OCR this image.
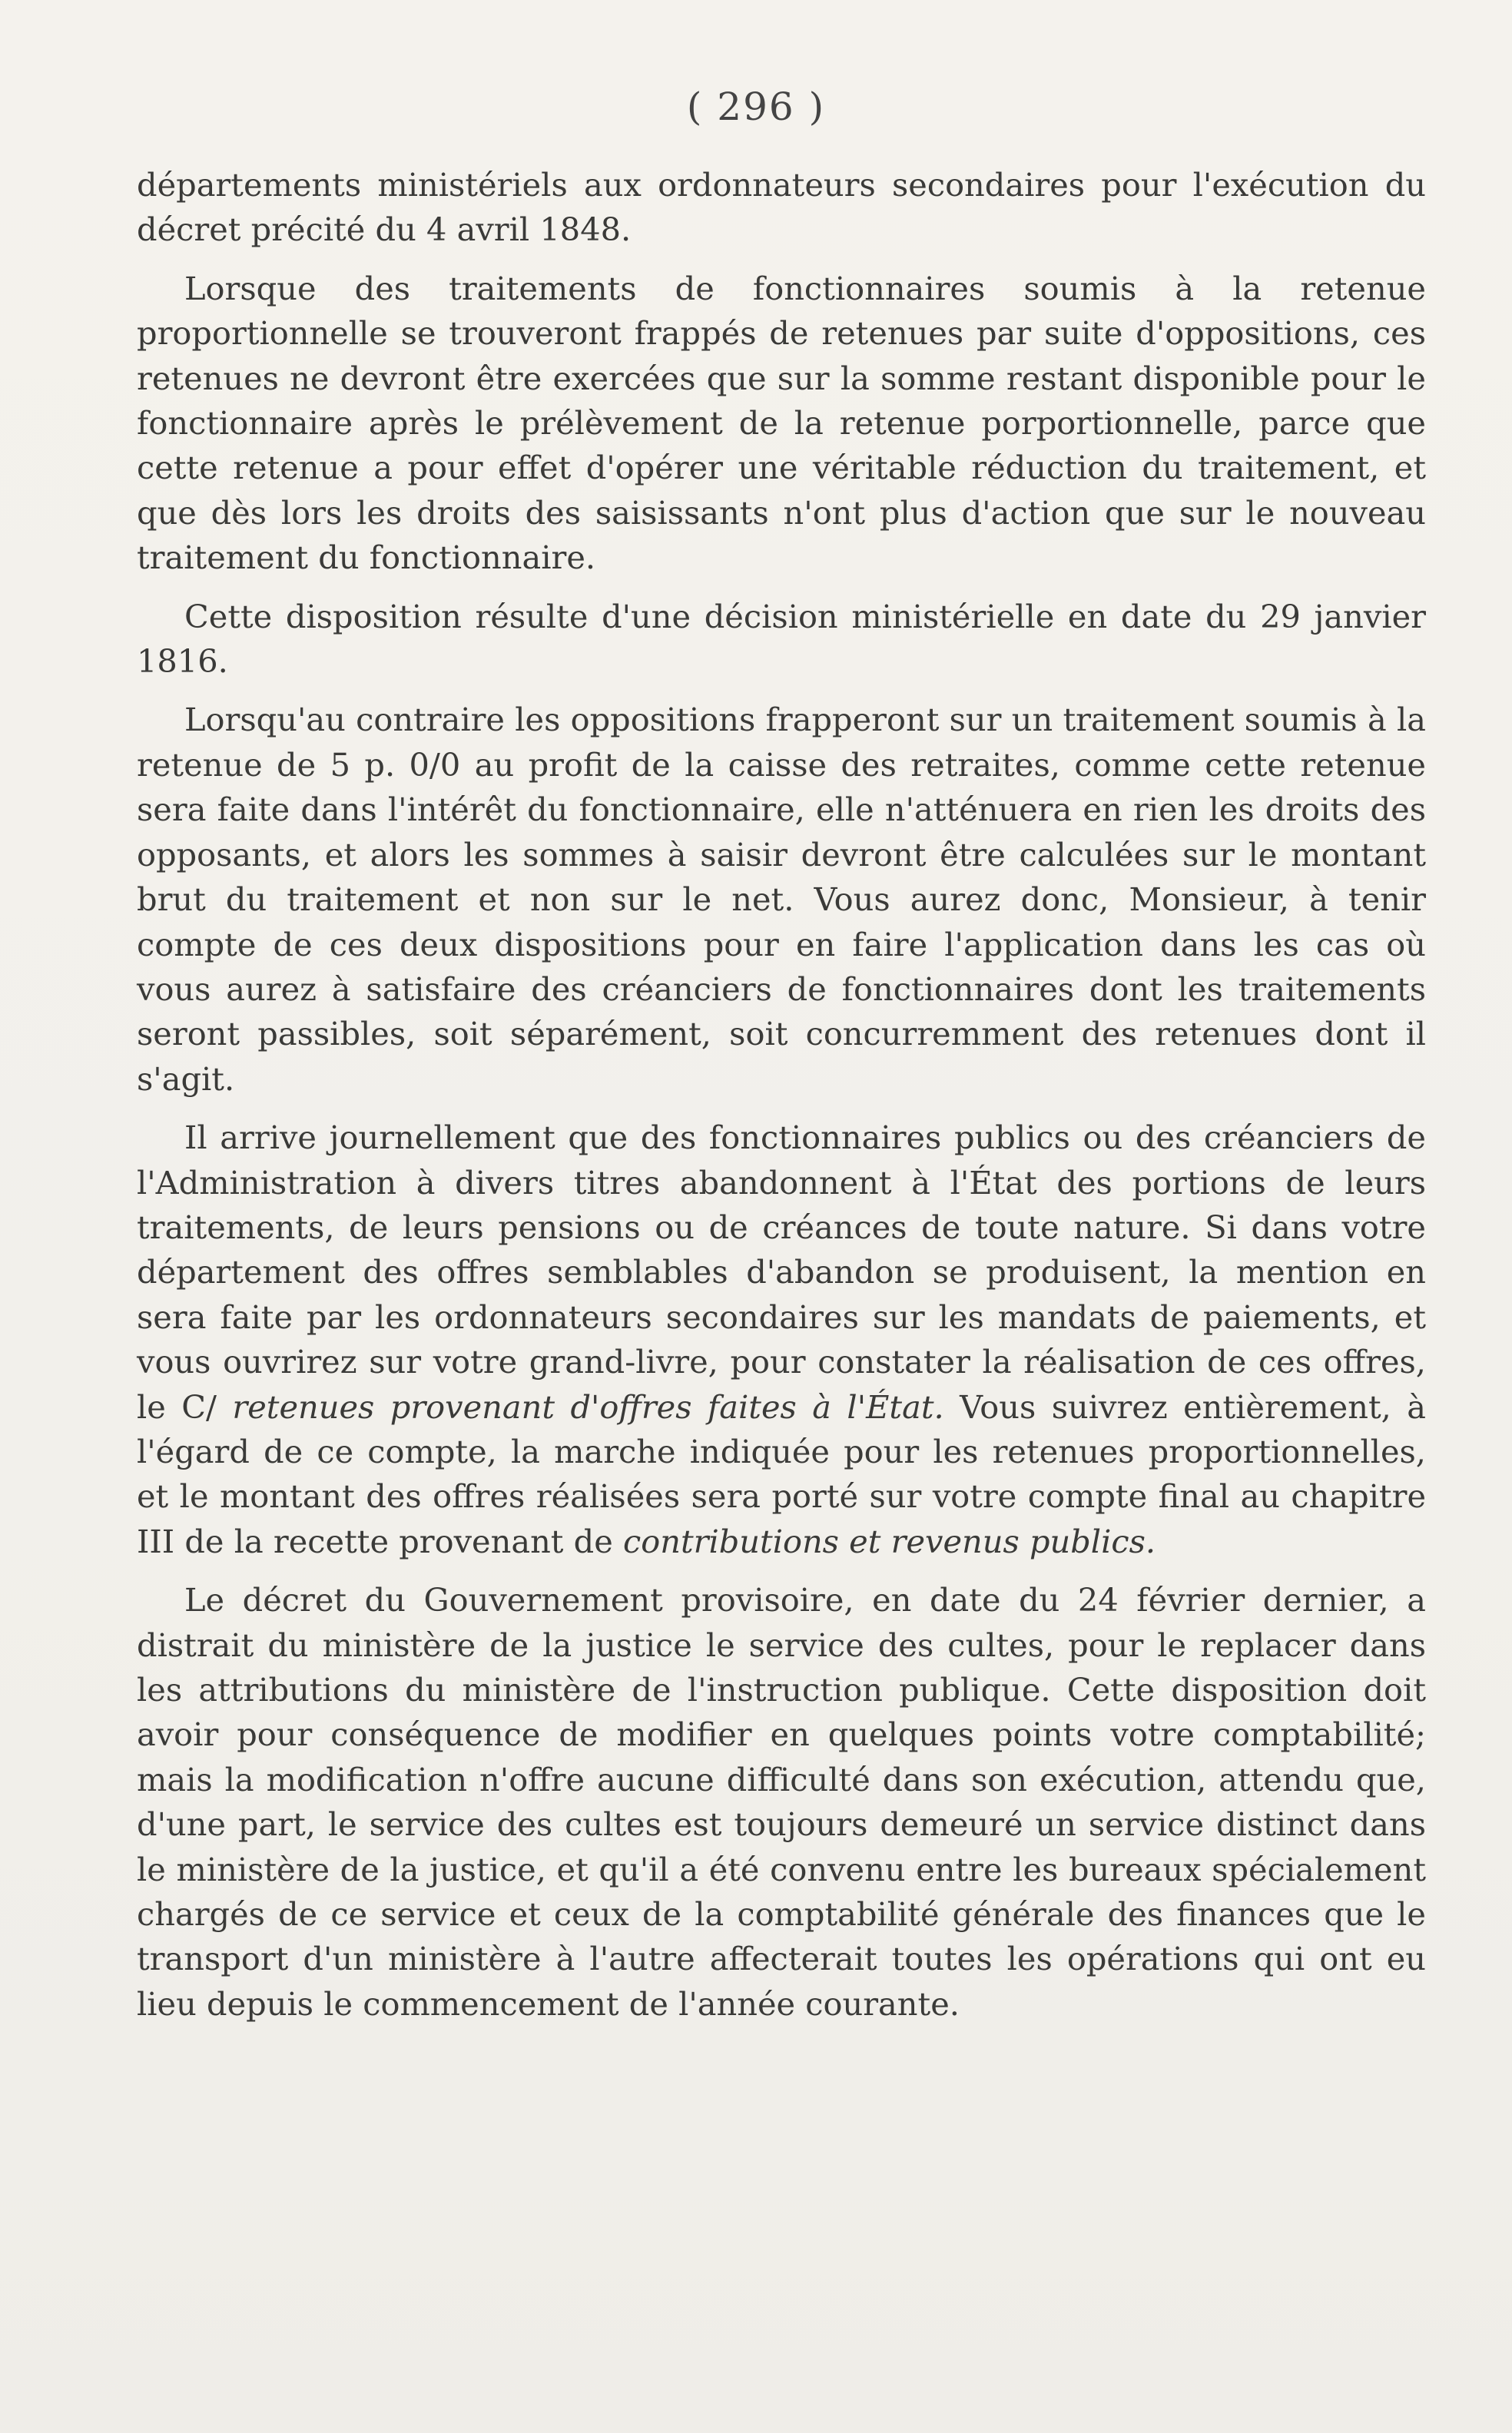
( 296 )

départements ministériels aux ordonnateurs secondaires pour l'exécution du décret précité du 4 avril 1848.

Lorsque des traitements de fonctionnaires soumis à la retenue proportionnelle se trouveront frappés de retenues par suite d'oppositions, ces retenues ne devront être exercées que sur la somme restant disponible pour le fonctionnaire après le prélèvement de la retenue porportionnelle, parce que cette retenue a pour effet d'opérer une véritable réduction du traitement, et que dès lors les droits des saisissants n'ont plus d'action que sur le nouveau traitement du fonctionnaire.

Cette disposition résulte d'une décision ministérielle en date du 29 janvier 1816.

Lorsqu'au contraire les oppositions frapperont sur un traitement soumis à la retenue de 5 p. 0/0 au profit de la caisse des retraites, comme cette retenue sera faite dans l'intérêt du fonctionnaire, elle n'atténuera en rien les droits des opposants, et alors les sommes à saisir devront être calculées sur le montant brut du traitement et non sur le net. Vous aurez donc, Monsieur, à tenir compte de ces deux dispositions pour en faire l'application dans les cas où vous aurez à satisfaire des créanciers de fonctionnaires dont les traitements seront passibles, soit séparément, soit concurremment des retenues dont il s'agit.

Il arrive journellement que des fonctionnaires publics ou des créanciers de l'Administration à divers titres abandonnent à l'État des portions de leurs traitements, de leurs pensions ou de créances de toute nature. Si dans votre département des offres semblables d'abandon se produisent, la mention en sera faite par les ordonnateurs secondaires sur les mandats de paiements, et vous ouvrirez sur votre grand-livre, pour constater la réalisation de ces offres, le C/ retenues provenant d'offres faites à l'État. Vous suivrez entièrement, à l'égard de ce compte, la marche indiquée pour les retenues proportionnelles, et le montant des offres réalisées sera porté sur votre compte final au chapitre III de la recette provenant de contributions et revenus publics.

Le décret du Gouvernement provisoire, en date du 24 février dernier, a distrait du ministère de la justice le service des cultes, pour le replacer dans les attributions du ministère de l'instruction publique. Cette disposition doit avoir pour conséquence de modifier en quelques points votre comptabilité; mais la modification n'offre aucune difficulté dans son exécution, attendu que, d'une part, le service des cultes est toujours demeuré un service distinct dans le ministère de la justice, et qu'il a été convenu entre les bureaux spécialement chargés de ce service et ceux de la comptabilité générale des finances que le transport d'un ministère à l'autre affecterait toutes les opérations qui ont eu lieu depuis le commencement de l'année courante.
